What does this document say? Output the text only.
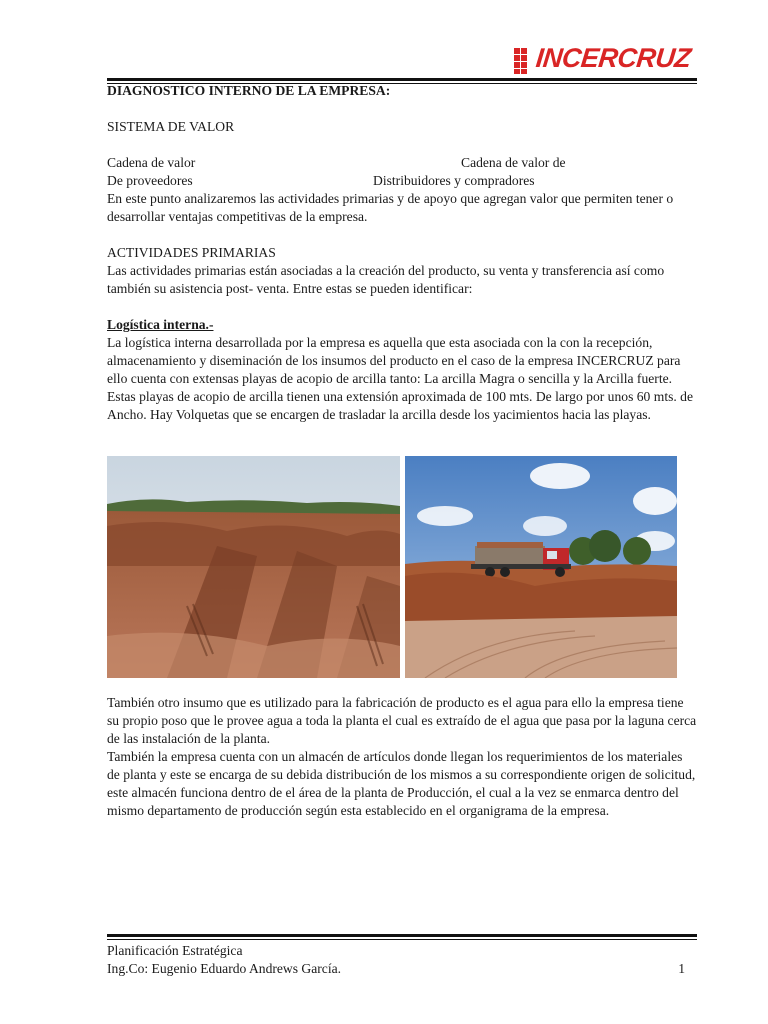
INCERCRUZ

DIAGNOSTICO INTERNO DE LA EMPRESA:

SISTEMA DE VALOR

Cadena de valor	Cadena de valor de
De proveedores	Distribuidores y compradores

En este punto analizaremos las actividades primarias y de apoyo que agregan valor que permiten tener o desarrollar ventajas competitivas de la empresa.

ACTIVIDADES PRIMARIAS

Las actividades primarias están asociadas a la creación del producto, su venta y transferencia así como también su asistencia post- venta. Entre estas se pueden identificar:

Logística interna.-

La logística interna desarrollada por la empresa es aquella que esta asociada con la con la recepción, almacenamiento y diseminación de los insumos del producto en el caso de la empresa INCERCRUZ para ello cuenta con extensas playas de acopio de arcilla tanto: La arcilla Magra o sencilla y la Arcilla fuerte. Estas playas de acopio de arcilla tienen una extensión aproximada de 100 mts. De largo por unos 60 mts. de Ancho. Hay Volquetas que se encargen de trasladar la arcilla desde los yacimientos hacia las playas.

También otro insumo que es utilizado para la fabricación de producto es el agua para ello la empresa tiene su propio poso que le provee agua a toda la planta el cual es extraído de el agua que pasa por la laguna cerca de las instalación de la planta.

También la empresa cuenta con un almacén de artículos donde llegan los requerimientos de los materiales de planta y este se encarga de su debida distribución de los mismos a su correspondiente origen de solicitud, este almacén funciona dentro de el área de la planta de Producción, el cual a la vez se enmarca dentro del mismo departamento de producción según esta establecido en el organigrama de la empresa.

Planificación Estratégica

Ing.Co: Eugenio Eduardo Andrews García.	1
